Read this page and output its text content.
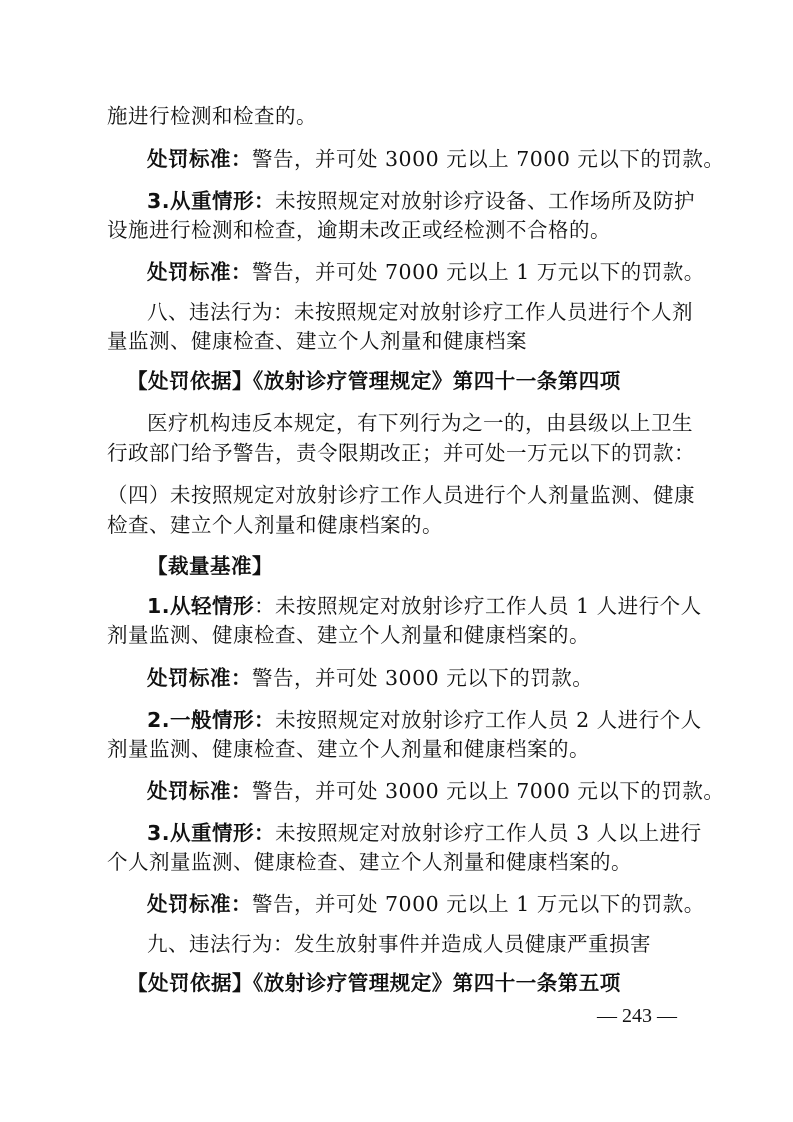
施进行检测和检查的。
处罚标准：警告，并可处 3000 元以上 7000 元以下的罚款。
3.从重情形：未按照规定对放射诊疗设备、工作场所及防护
设施进行检测和检查，逾期未改正或经检测不合格的。
处罚标准：警告，并可处 7000 元以上 1 万元以下的罚款。
八、违法行为：未按照规定对放射诊疗工作人员进行个人剂
量监测、健康检查、建立个人剂量和健康档案
【处罚依据】《放射诊疗管理规定》第四十一条第四项
医疗机构违反本规定，有下列行为之一的，由县级以上卫生
行政部门给予警告，责令限期改正；并可处一万元以下的罚款：
（四）未按照规定对放射诊疗工作人员进行个人剂量监测、健康
检查、建立个人剂量和健康档案的。
【裁量基准】
1.从轻情形：未按照规定对放射诊疗工作人员 1 人进行个人
剂量监测、健康检查、建立个人剂量和健康档案的。
处罚标准：警告，并可处 3000 元以下的罚款。
2.一般情形：未按照规定对放射诊疗工作人员 2 人进行个人
剂量监测、健康检查、建立个人剂量和健康档案的。
处罚标准：警告，并可处 3000 元以上 7000 元以下的罚款。
3.从重情形：未按照规定对放射诊疗工作人员 3 人以上进行
个人剂量监测、健康检查、建立个人剂量和健康档案的。
处罚标准：警告，并可处 7000 元以上 1 万元以下的罚款。
九、违法行为：发生放射事件并造成人员健康严重损害
【处罚依据】《放射诊疗管理规定》第四十一条第五项
— 243 —
